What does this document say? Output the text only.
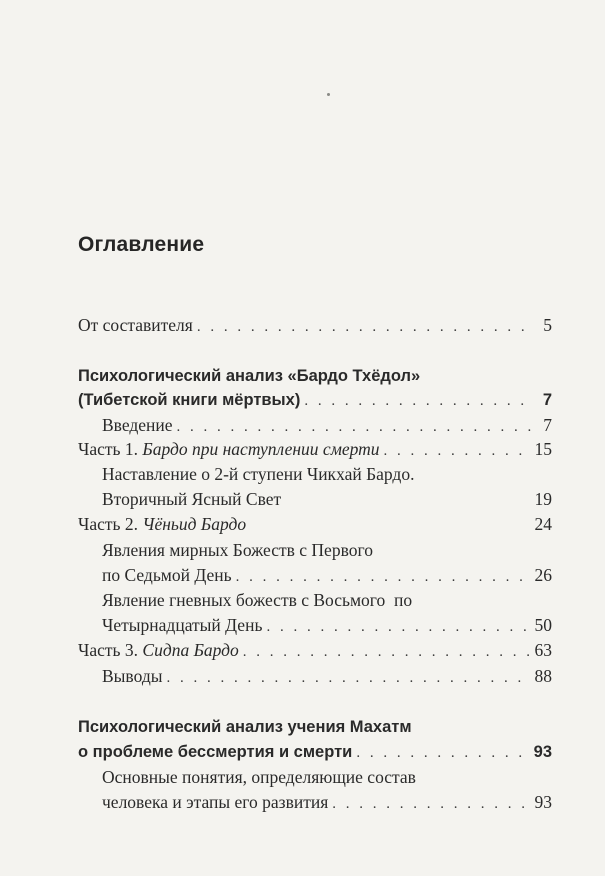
Оглавление
От составителя . . .	5
Психологический анализ «Бардо Тхёдол»
(Тибетской книги мёртвых) . . .	7
Введение . . .	7
Часть 1. Бардо при наступлении смерти . . .	15
Наставление о 2-й ступени Чикхай Бардо.
Вторичный Ясный Свет	19
Часть 2. Чёньид Бардо	24
Явления мирных Божеств с Первого
по Седьмой День . . .	26
Явление гневных божеств с Восьмого  по
Четырнадцатый День . . .	50
Часть 3. Сидпа Бардо . . .	63
Выводы . . .	88
Психологический анализ учения Махатм
о проблеме бессмертия и смерти . . .	93
Основные понятия, определяющие состав
человека и этапы его развития . . .	93
